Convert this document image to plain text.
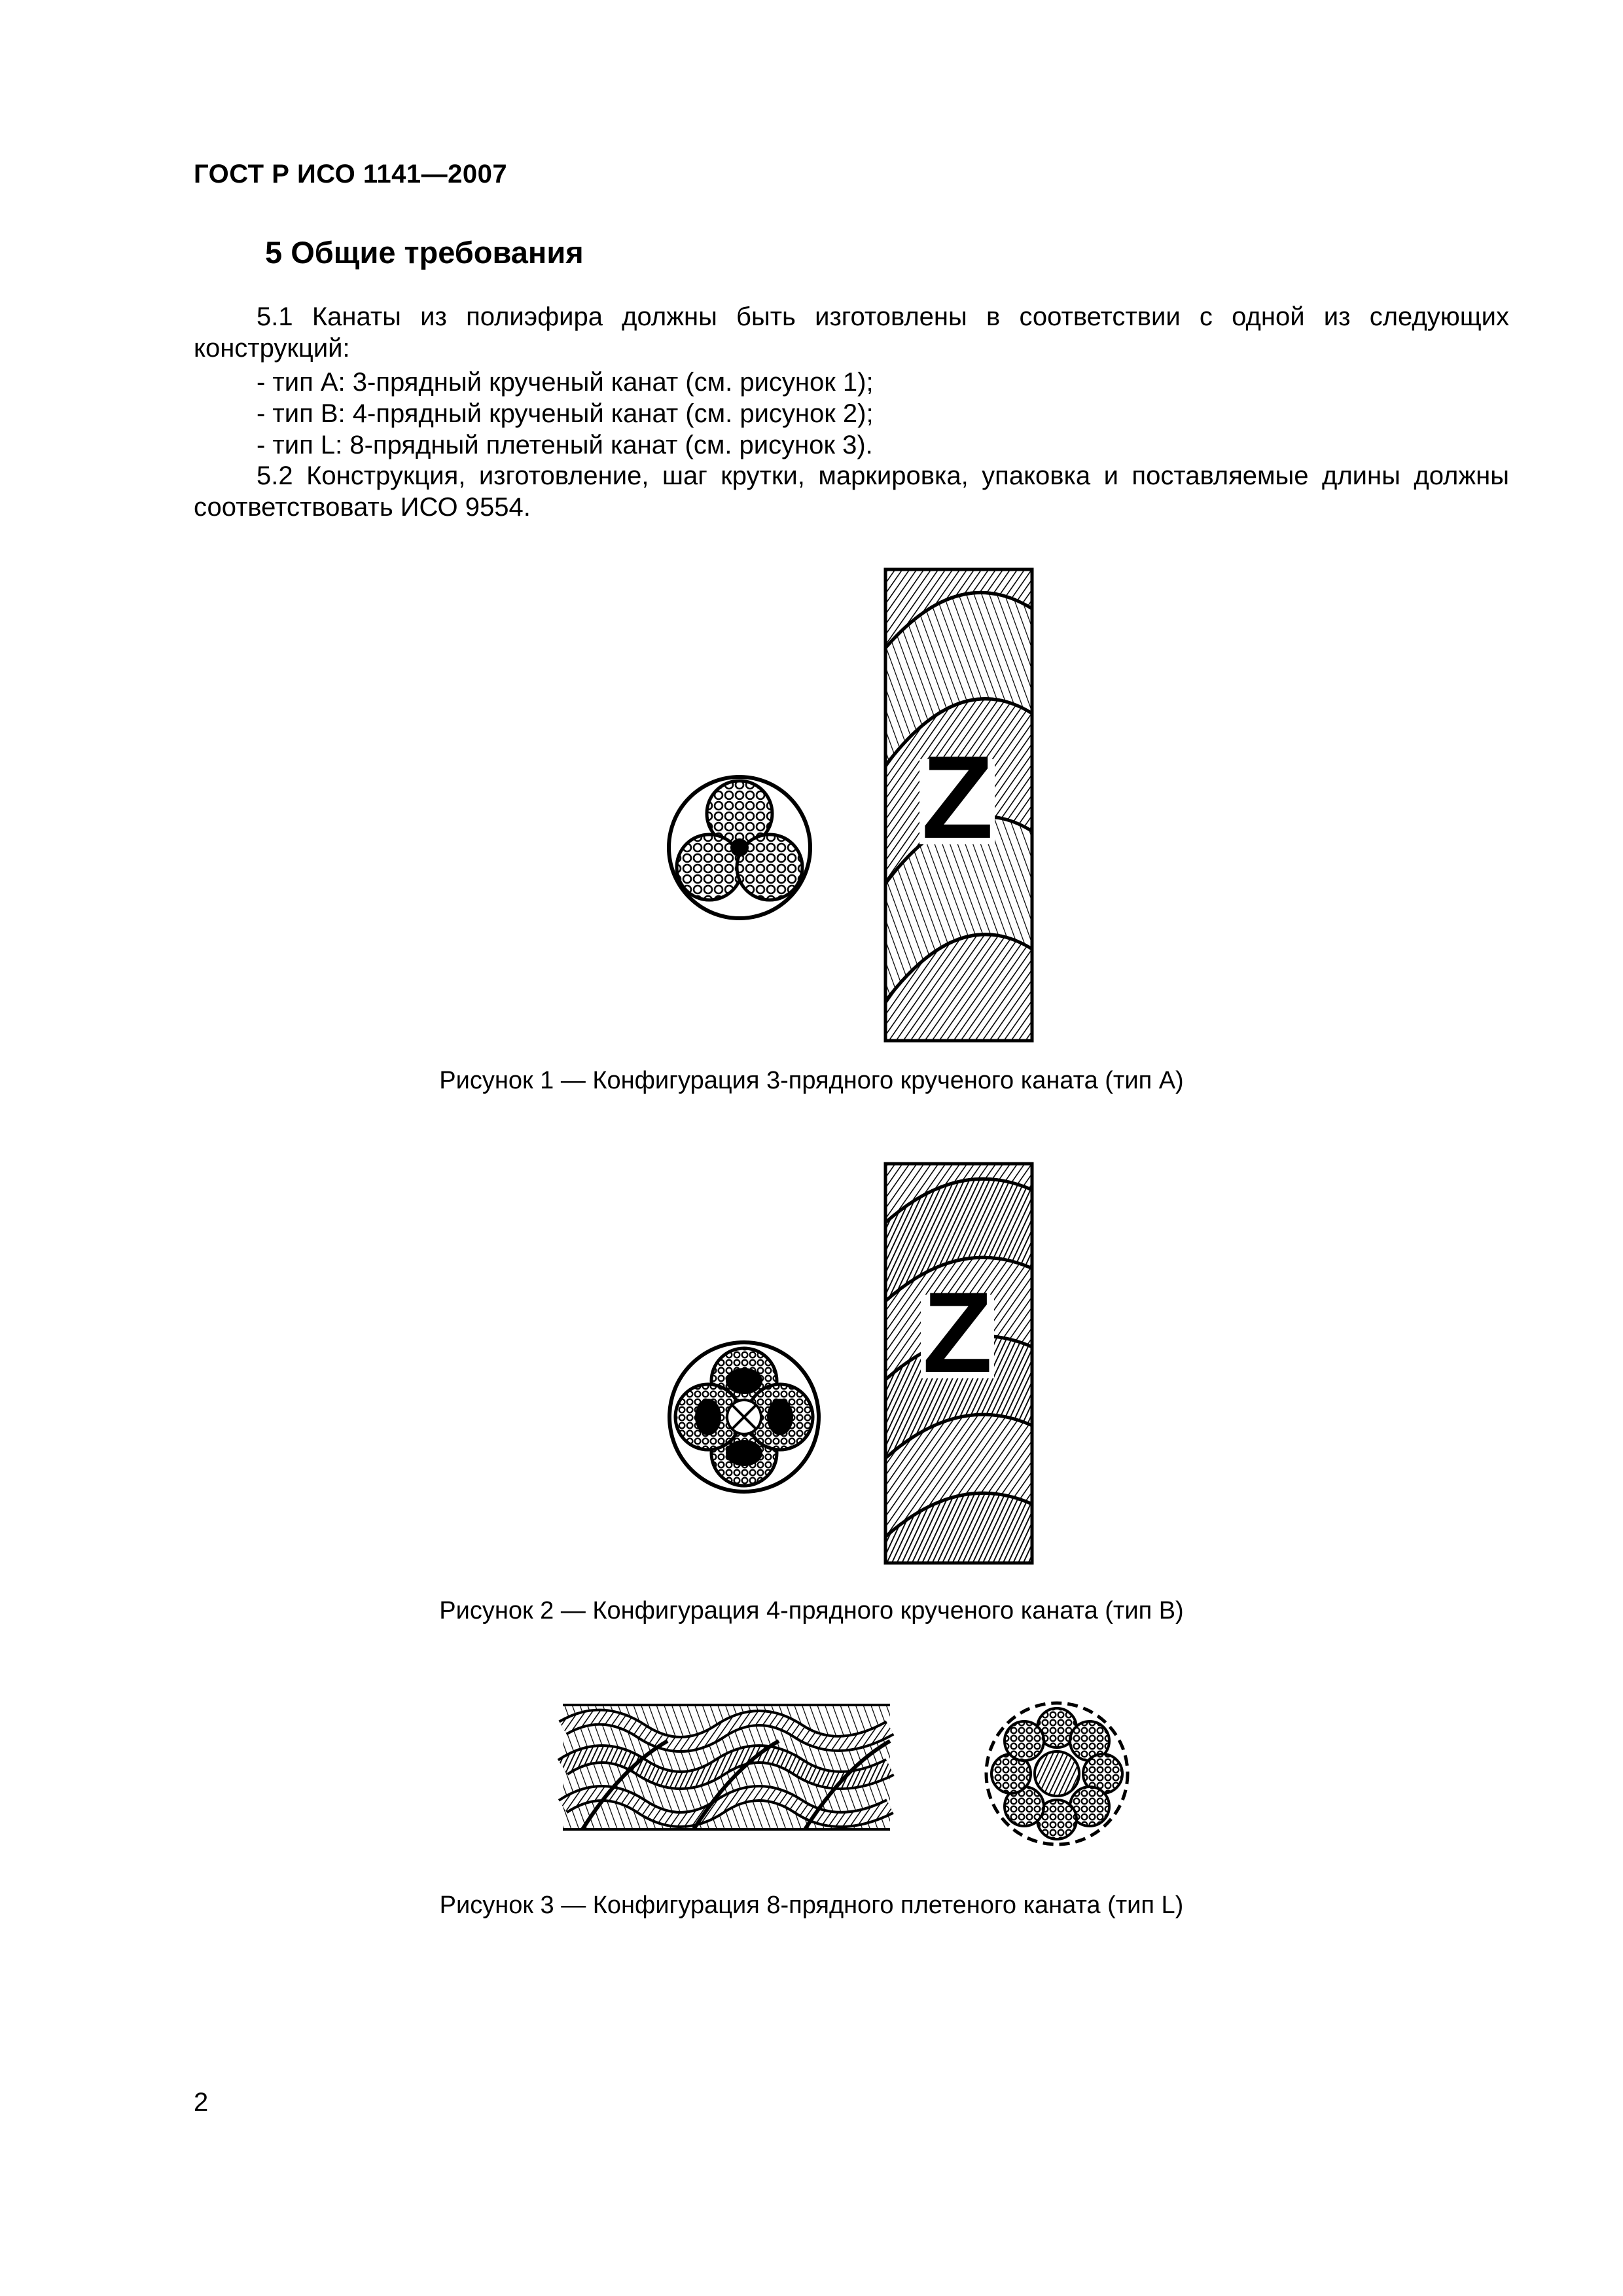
ГОСТ Р ИСО 1141—2007
5 Общие требования
5.1 Канаты из полиэфира должны быть изготовлены в соответствии с одной из следующих конструкций:
- тип А: 3-прядный крученый канат (см. рисунок 1);
- тип В: 4-прядный крученый канат (см. рисунок 2);
- тип L: 8-прядный плетеный канат (см. рисунок 3).
5.2 Конструкция, изготовление, шаг крутки, маркировка, упаковка и поставляемые длины должны соответствовать ИСО 9554.
Z
Рисунок 1 — Конфигурация 3-прядного крученого каната (тип А)
Z
Рисунок 2 — Конфигурация 4-прядного крученого каната (тип В)
Рисунок 3 — Конфигурация 8-прядного плетеного каната (тип L)
2
